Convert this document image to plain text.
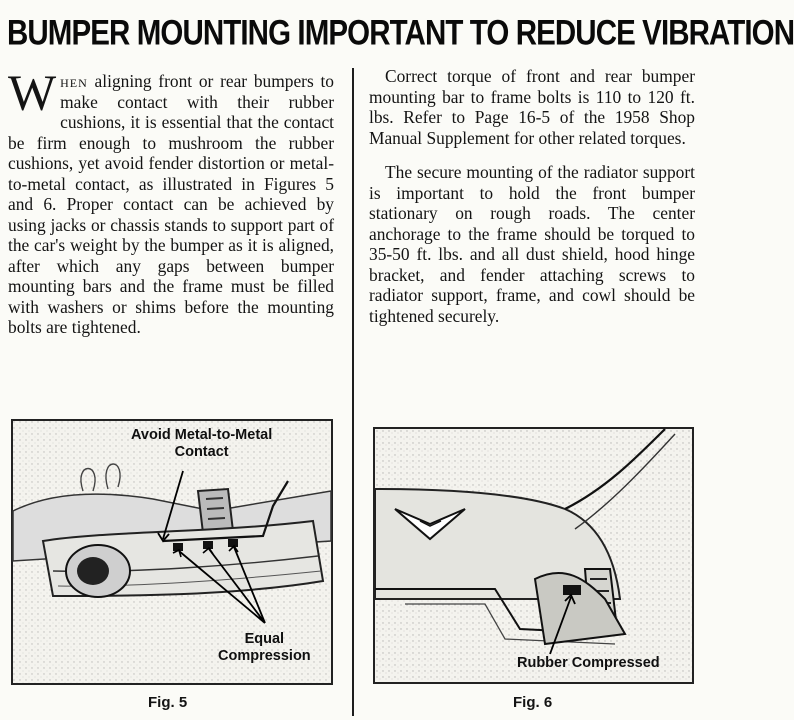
BUMPER MOUNTING IMPORTANT TO REDUCE VIBRATION

When aligning front or rear bumpers to make contact with their rubber cushions, it is essential that the contact be firm enough to mushroom the rubber cushions, yet avoid fender distortion or metal-to-metal contact, as illustrated in Figures 5 and 6. Proper contact can be achieved by using jacks or chassis stands to support part of the car's weight by the bumper as it is aligned, after which any gaps between bumper mounting bars and the frame must be filled with washers or shims before the mounting bolts are tightened.

Correct torque of front and rear bumper mounting bar to frame bolts is 110 to 120 ft. lbs. Refer to Page 16-5 of the 1958 Shop Manual Supplement for other related torques.

The secure mounting of the radiator support is important to hold the front bumper stationary on rough roads. The center anchorage to the frame should be torqued to 35-50 ft. lbs. and all dust shield, hood hinge bracket, and fender attaching screws to radiator support, frame, and cowl should be tightened securely.

Avoid Metal-to-Metal
Contact
Equal
Compression
Fig. 5
Rubber Compressed
Fig. 6
